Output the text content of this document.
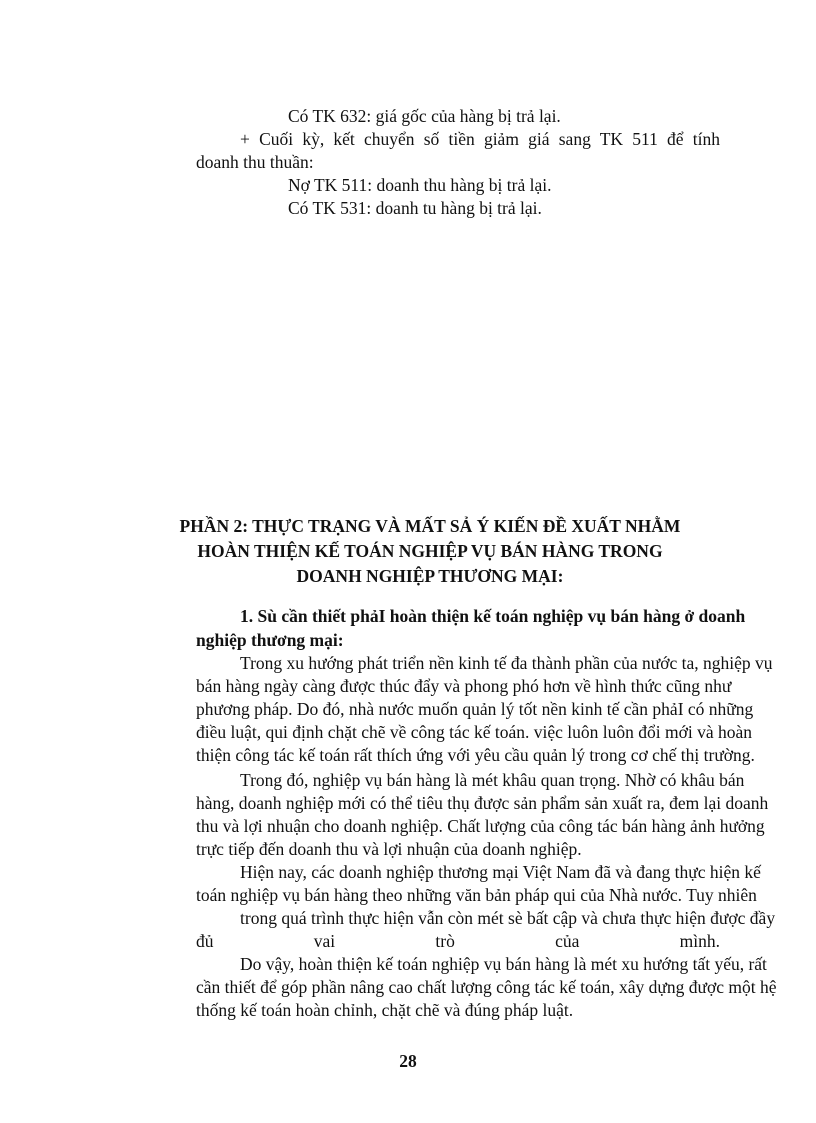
Có TK 632: giá gốc của hàng bị trả lại.
+ Cuối kỳ, kết chuyển số tiền giảm giá sang TK 511 để tính
doanh thu thuần:
Nợ TK 511: doanh thu hàng bị trả lại.
Có TK 531: doanh tu hàng bị trả lại.
PHẦN 2: THỰC TRẠNG VÀ MẤT SẢ Ý KIẾN ĐỀ XUẤT NHẰM
HOÀN THIỆN KẾ TOÁN NGHIỆP VỤ BÁN HÀNG TRONG
DOANH NGHIỆP THƯƠNG MẠI:
1. Sù cần thiết phảI hoàn thiện kế toán nghiệp vụ bán hàng ở doanh
nghiệp thương mại:
Trong xu hướng phát triển nền kinh tế đa thành phần của nước ta, nghiệp vụ
bán hàng ngày càng được thúc đẩy và phong phó hơn về hình thức cũng như
phương pháp. Do đó, nhà nước muốn quản lý tốt nền kinh tế cần phảI có những
điều luật, qui định chặt chẽ về công tác kế toán. việc luôn luôn đổi mới và hoàn
thiện công tác kế toán rất thích ứng với yêu cầu quản lý trong cơ chế thị trường.
Trong đó, nghiệp vụ bán hàng là mét khâu quan trọng. Nhờ có khâu bán
hàng, doanh nghiệp mới có thể tiêu thụ được sản phẩm sản xuất ra, đem lại doanh
thu và lợi nhuận cho doanh nghiệp. Chất lượng của công tác bán hàng ảnh hưởng
trực tiếp đến doanh thu và lợi nhuận của doanh nghiệp.
Hiện nay, các doanh nghiệp thương mại Việt Nam đã và đang thực hiện kế
toán nghiệp vụ bán hàng theo những văn bản pháp qui của Nhà nước. Tuy nhiên
trong quá trình thực hiện vẫn còn mét sè bất cập và chưa thực hiện được đầy
đủ vai trò của mình.
Do vậy, hoàn thiện kế toán nghiệp vụ bán hàng là mét xu hướng tất yếu, rất
cần thiết để góp phần nâng cao chất lượng công tác kế toán, xây dựng được một hệ
thống kế toán hoàn chỉnh, chặt chẽ và đúng pháp luật.
28
